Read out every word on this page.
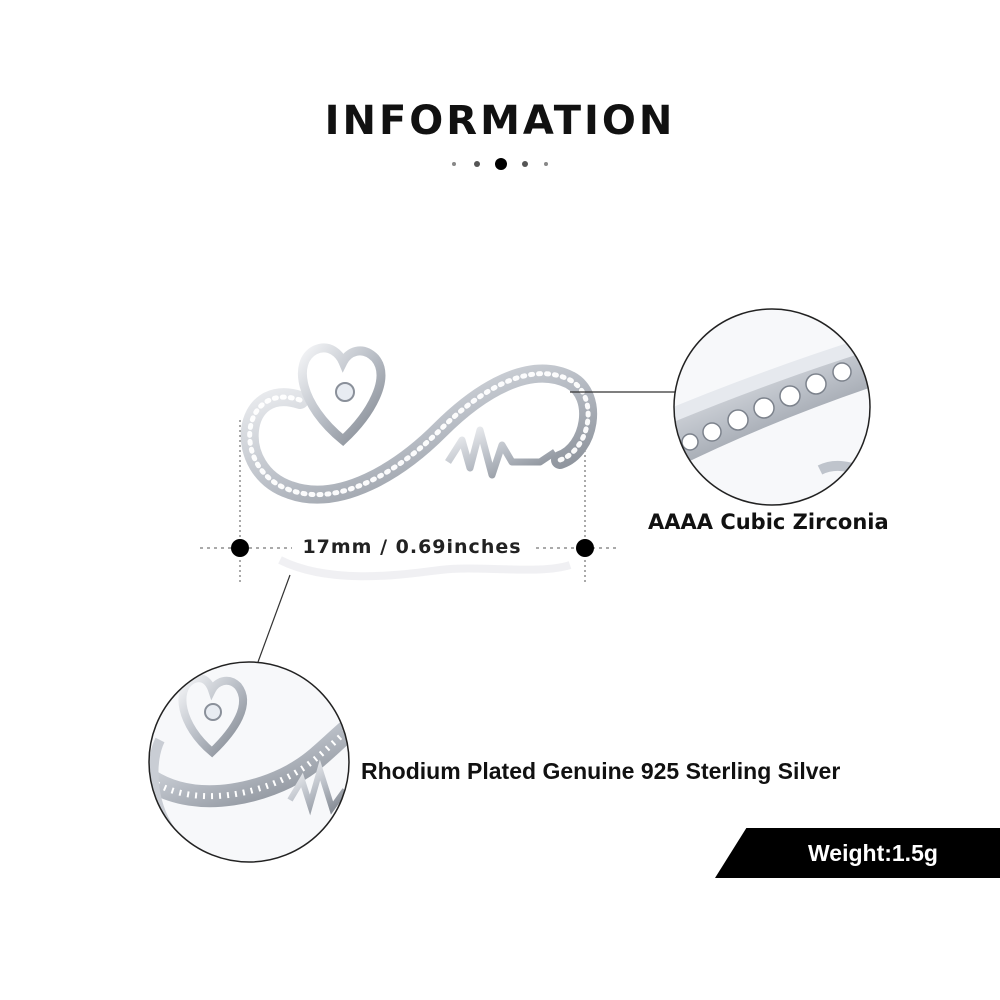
INFORMATION
17mm / 0.69inches
AAAA Cubic Zirconia
Rhodium Plated Genuine 925 Sterling Silver
Weight:1.5g
